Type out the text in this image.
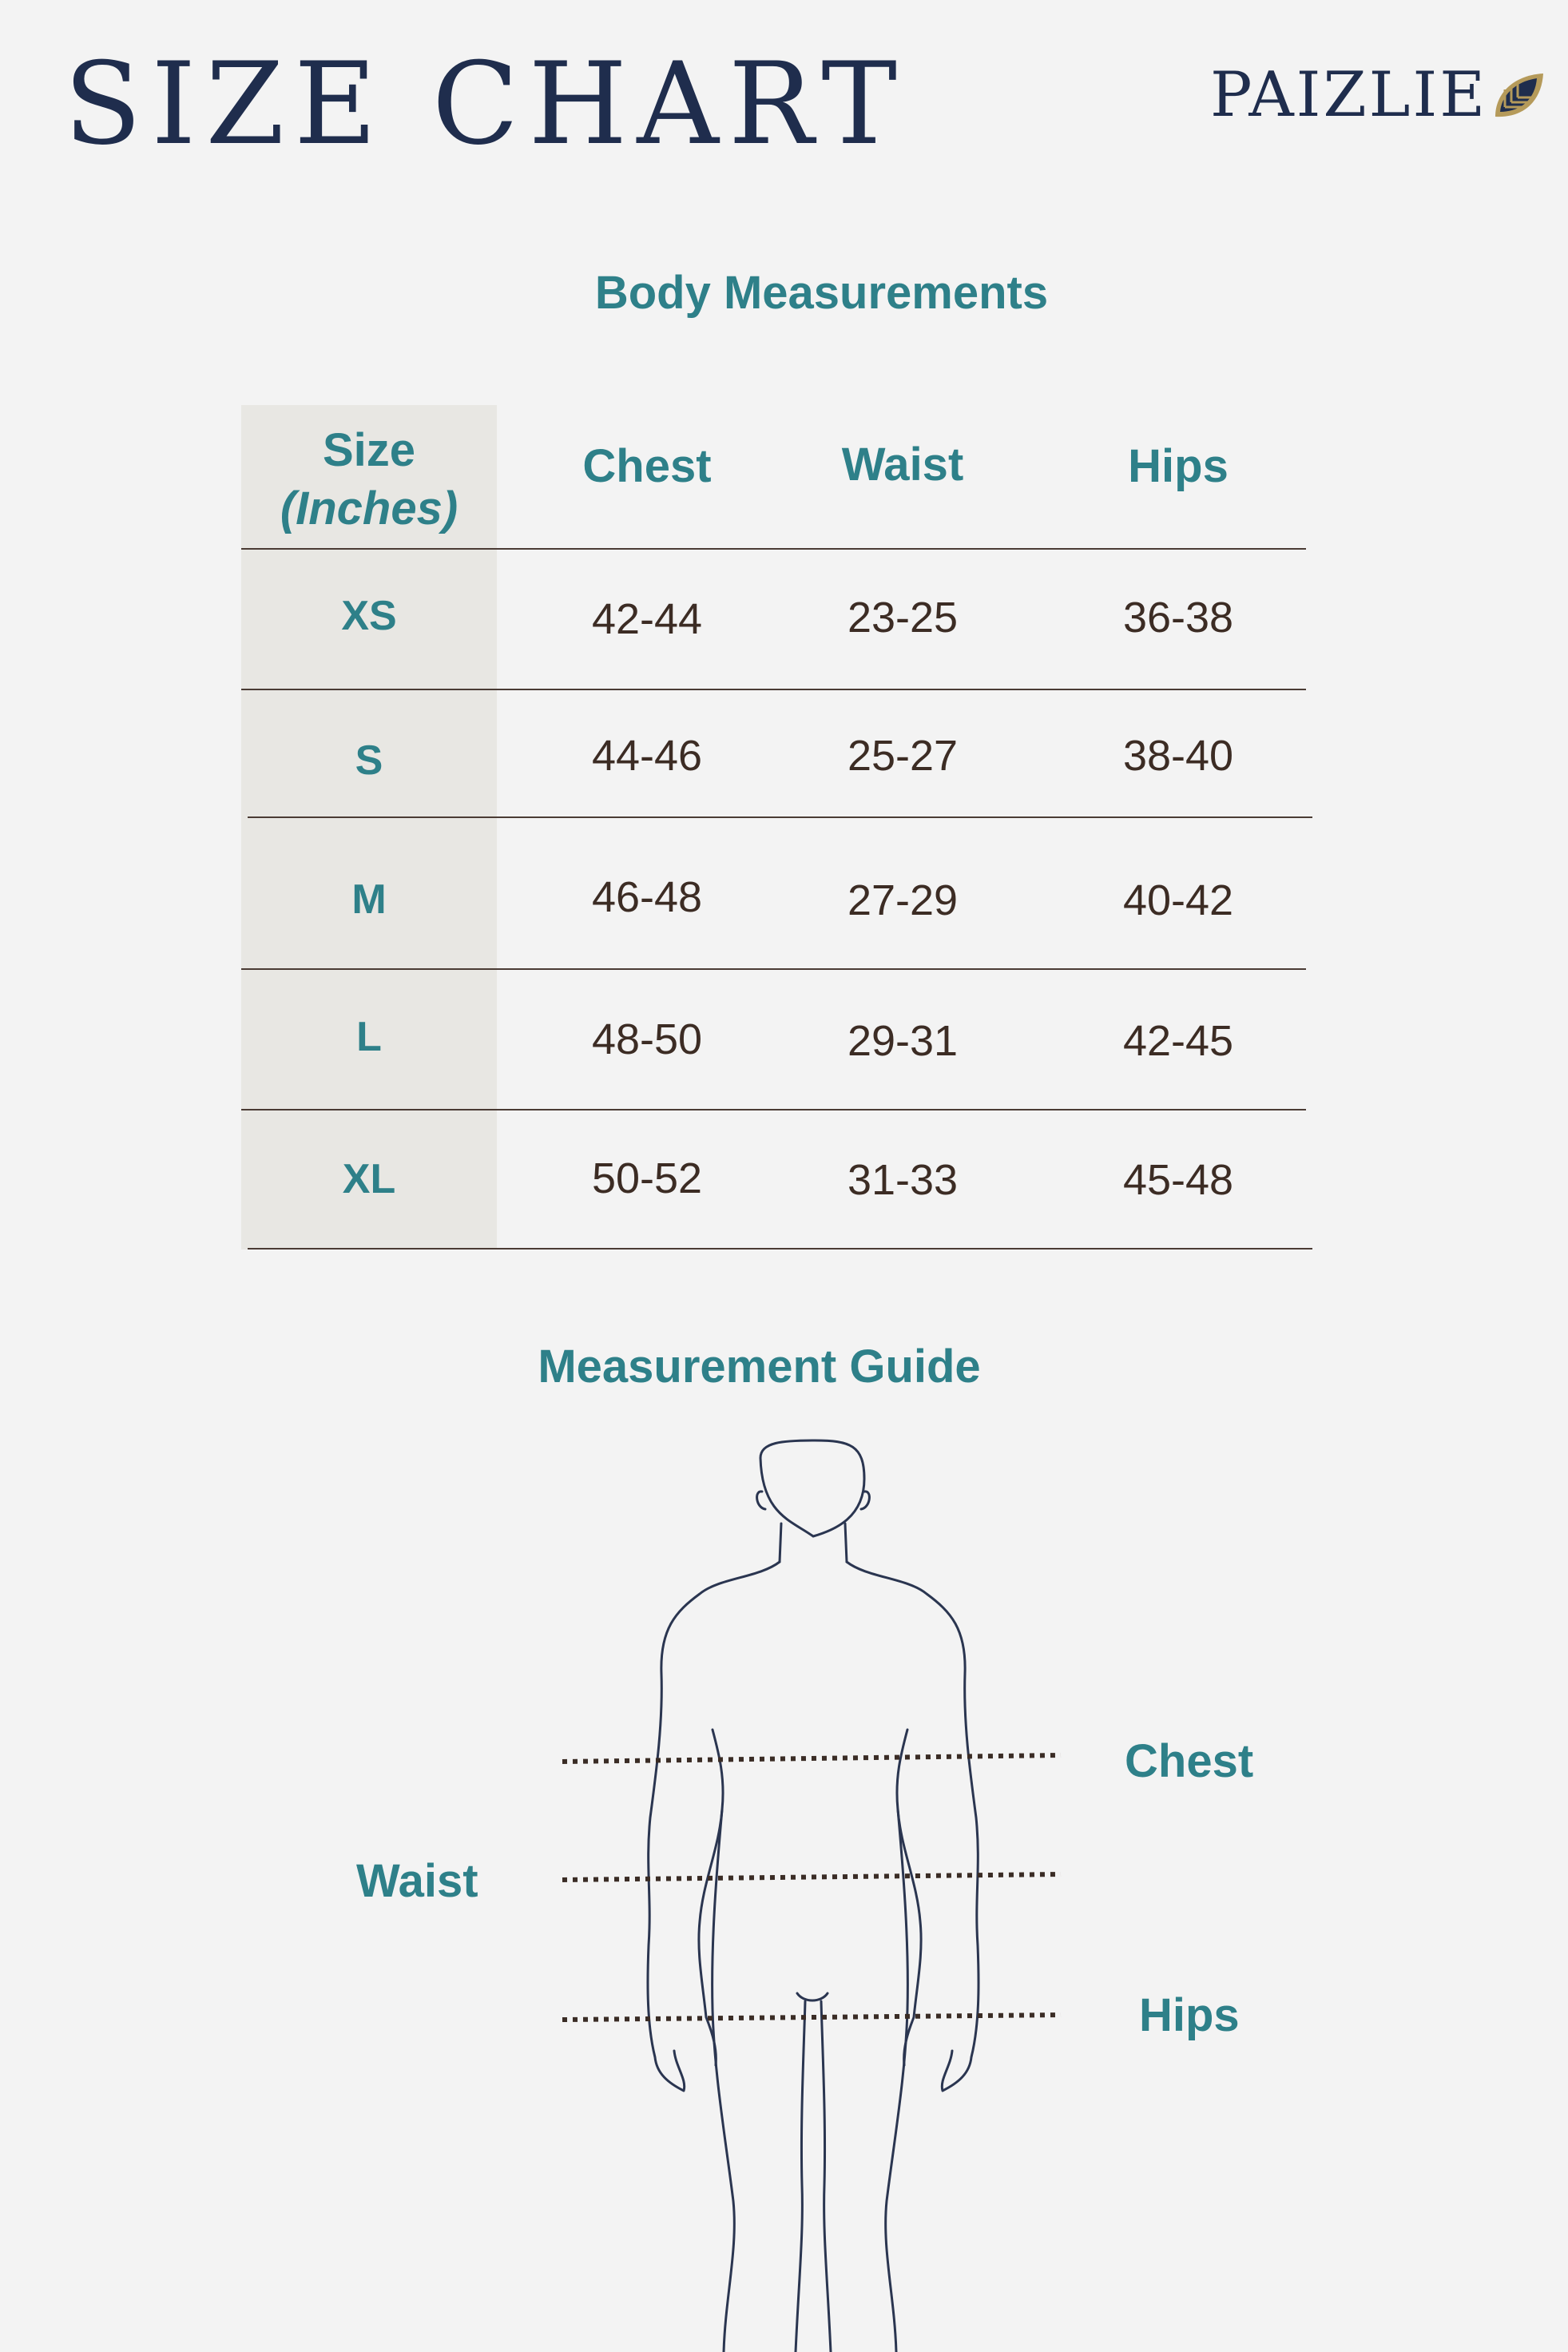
SIZE CHART	PAIZLIE
Body Measurements
Size
(Inches)
Chest	Waist	Hips
XS	42-44	23-25	36-38
S	44-46	25-27	38-40
M	46-48	27-29	40-42
L	48-50	29-31	42-45
XL	50-52	31-33	45-48
Measurement Guide
Chest
Waist
Hips
